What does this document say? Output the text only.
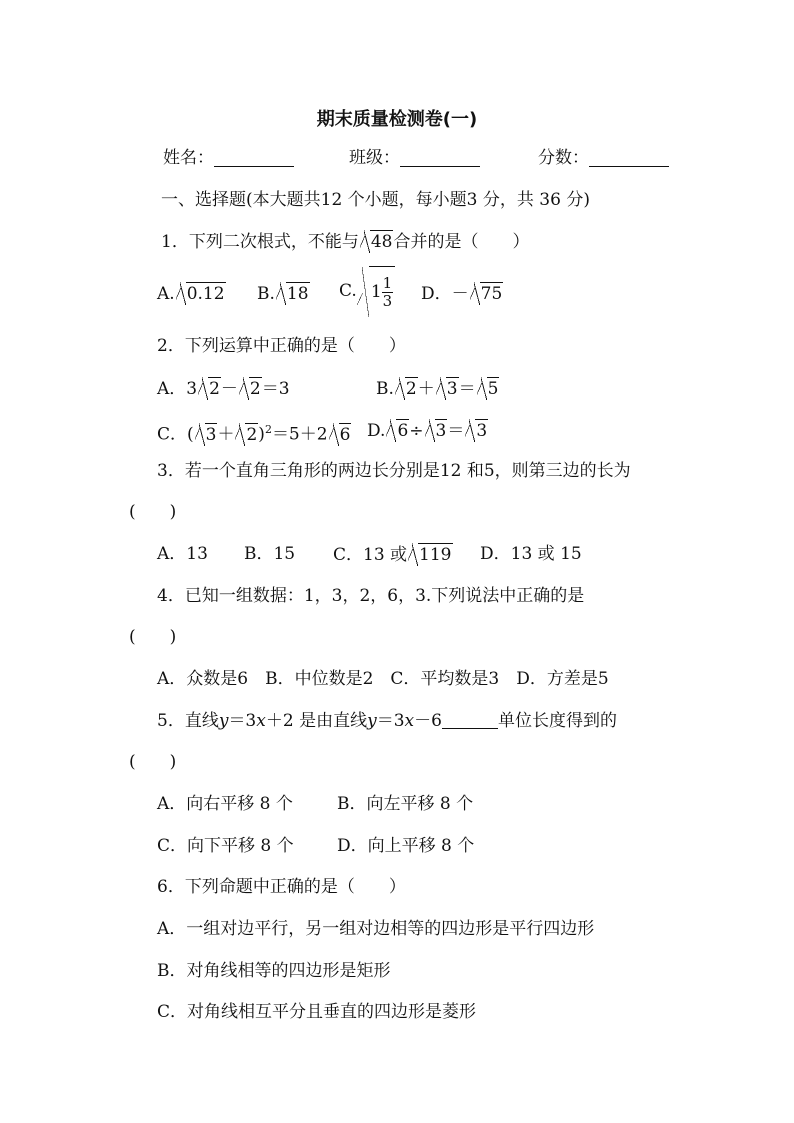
期末质量检测卷(一)
姓名：	班级：	分数：
一、选择题(本大题共12 个小题，每小题3 分，共 36 分)
1．下列二次根式，不能与 48合并的是（　　）
A. 0.12 B. 18 C. $1 \frac{1}{3}$ D．－ 75
2．下列运算中正确的是（　　）
A．3 2－ 2＝3	B. 2＋ 3＝ 5
C．( 3＋ 2)$^2$＝5＋2 6 D. 6÷ 3＝ 3
3．若一个直角三角形的两边长分别是12 和5，则第三边的长为
(　　)
A．13 B．15 C．13 或 119 D．13 或 15
4．已知一组数据：1，3，2，6，3.下列说法中正确的是
(　　)
A．众数是6　B．中位数是2　C．平均数是3　D．方差是5
5．直线y＝3x＋2 是由直线y＝3x－6	单位长度得到的
(　　)
A．向右平移 8 个	B．向左平移 8 个
C．向下平移 8 个	D．向上平移 8 个
6．下列命题中正确的是（　　）
A．一组对边平行，另一组对边相等的四边形是平行四边形
B．对角线相等的四边形是矩形
C．对角线相互平分且垂直的四边形是菱形
